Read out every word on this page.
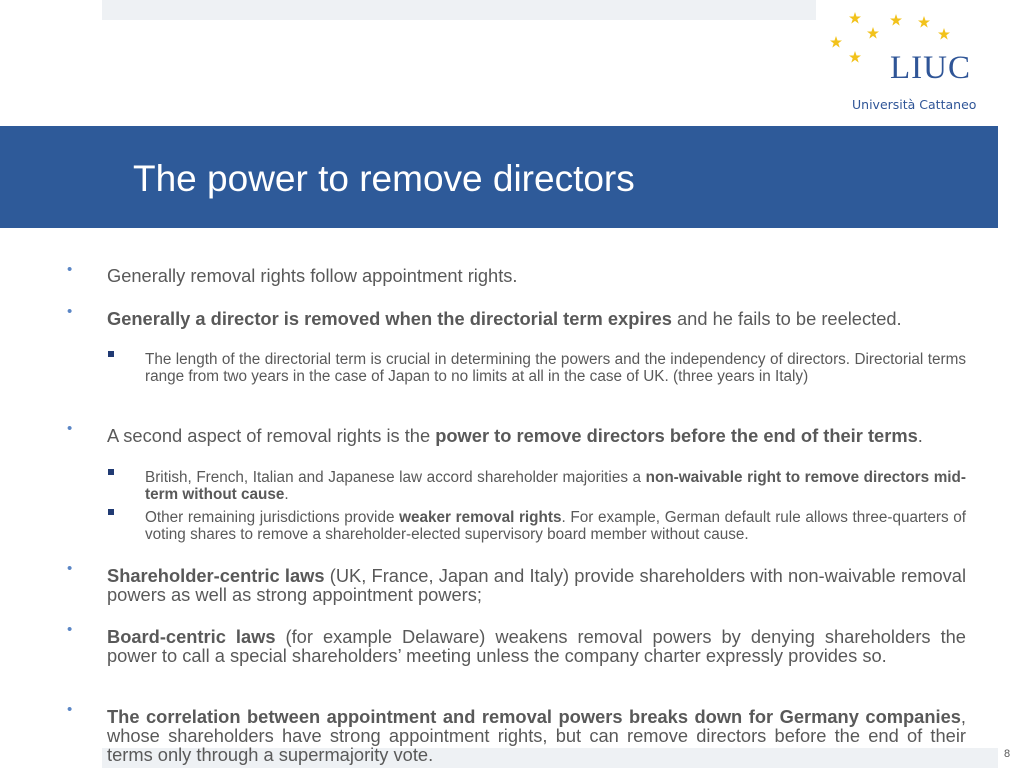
LIUC
Università Cattaneo
The power to remove directors
• Generally removal rights follow appointment rights.

• Generally a director is removed when the directorial term expires and he fails to be reelected.

The length of the directorial term is crucial in determining the powers and the independency of directors. Directorial terms range from two years in the case of Japan to no limits at all in the case of UK. (three years in Italy)

• A second aspect of removal rights is the power to remove directors before the end of their terms.

British, French, Italian and Japanese law accord shareholder majorities a non-waivable right to remove directors mid-term without cause.

Other remaining jurisdictions provide weaker removal rights. For example, German default rule allows three-quarters of voting shares to remove a shareholder-elected supervisory board member without cause.

• Shareholder-centric laws (UK, France, Japan and Italy) provide shareholders with non-waivable removal powers as well as strong appointment powers;

• Board-centric laws (for example Delaware) weakens removal powers by denying shareholders the power to call a special shareholders’ meeting unless the company charter expressly provides so.

• The correlation between appointment and removal powers breaks down for Germany companies, whose shareholders have strong appointment rights, but can remove directors before the end of their terms only through a supermajority vote.	8
